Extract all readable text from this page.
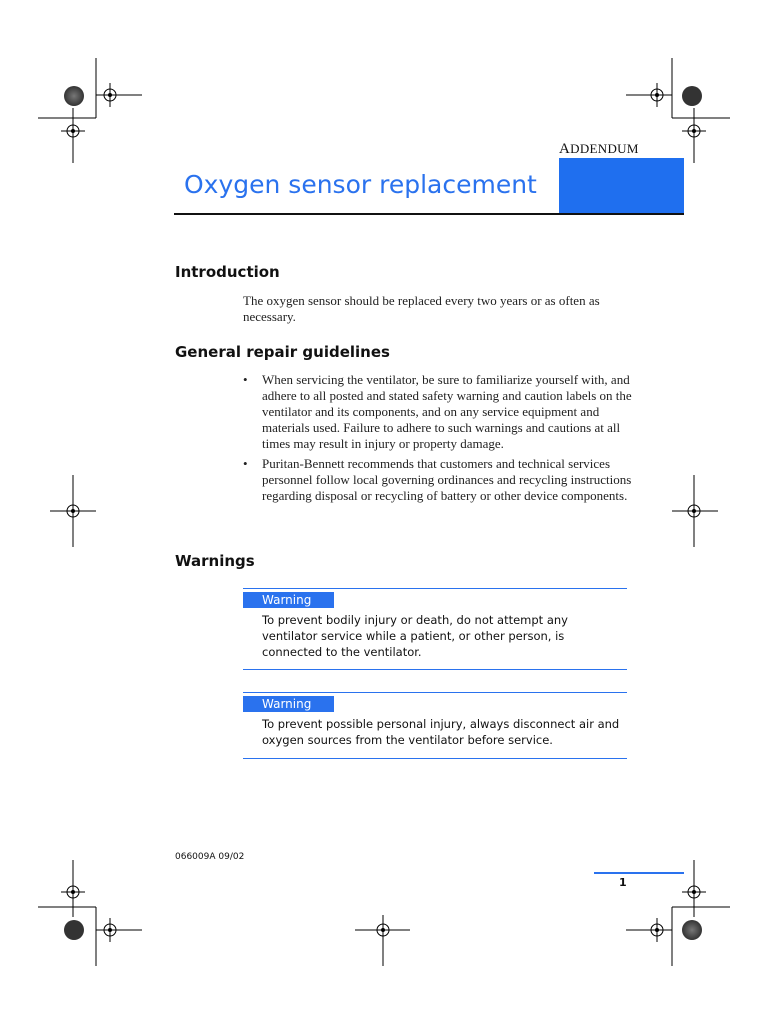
ADDENDUM
Oxygen sensor replacement
Introduction
The oxygen sensor should be replaced every two years or as often as necessary.
General repair guidelines
• When servicing the ventilator, be sure to familiarize yourself with, and adhere to all posted and stated safety warning and caution labels on the ventilator and its components, and on any service equipment and materials used. Failure to adhere to such warnings and cautions at all times may result in injury or property damage.
• Puritan-Bennett recommends that customers and technical services personnel follow local governing ordinances and recycling instructions regarding disposal or recycling of battery or other device components.
Warnings
Warning
To prevent bodily injury or death, do not attempt any ventilator service while a patient, or other person, is connected to the ventilator.
Warning
To prevent possible personal injury, always disconnect air and oxygen sources from the ventilator before service.
066009A 09/02
1
